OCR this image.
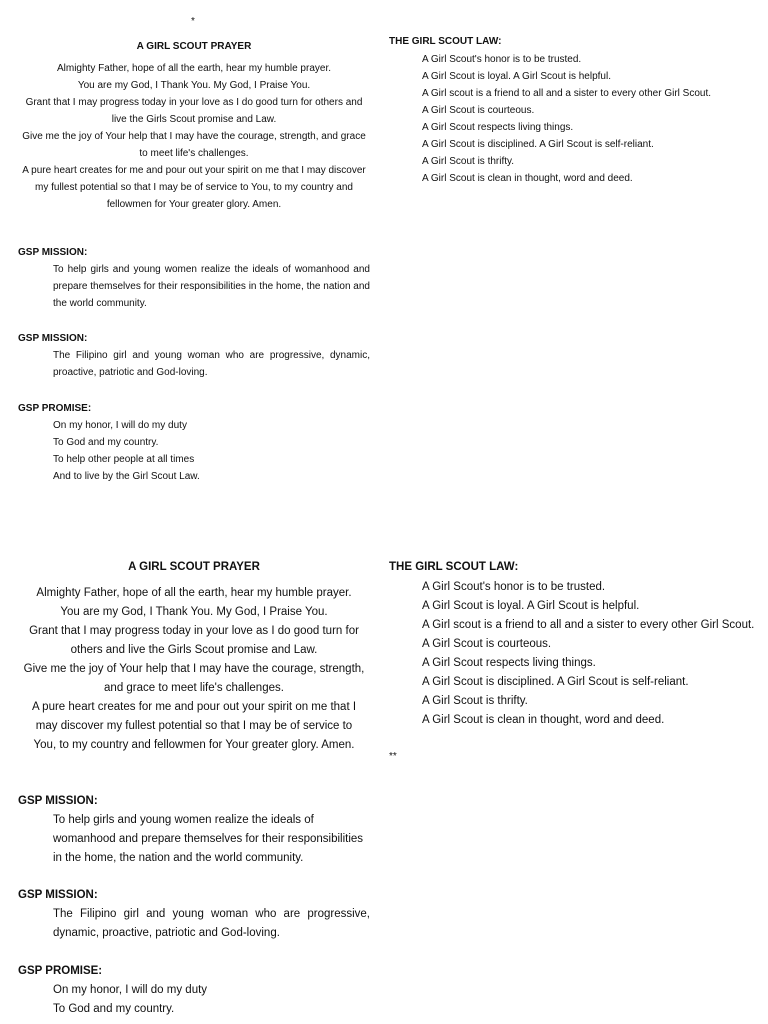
*
A GIRL SCOUT PRAYER

Almighty Father, hope of all the earth, hear my humble prayer.

You are my God, I Thank You. My God, I Praise You.

Grant that I may progress today in your love as I do good turn for others and live the Girls Scout promise and Law.

Give me the joy of Your help that I may have the courage, strength, and grace to meet life's challenges.

A pure heart creates for me and pour out your spirit on me that I may discover my fullest potential so that I may be of service to You, to my country and fellowmen for Your greater glory. Amen.

GSP MISSION:

To help girls and young women realize the ideals of womanhood and prepare themselves for their responsibilities in the home, the nation and the world community.

GSP MISSION:

The Filipino girl and young woman who are progressive, dynamic, proactive, patriotic and God-loving.

GSP PROMISE:

On my honor, I will do my duty

To God and my country.

To help other people at all times

And to live by the Girl Scout Law.

THE GIRL SCOUT LAW:

A Girl Scout's honor is to be trusted.

A Girl Scout is loyal. A Girl Scout is helpful.

A Girl scout is a friend to all and a sister to every other Girl Scout.

A Girl Scout is courteous.

A Girl Scout respects living things.

A Girl Scout is disciplined. A Girl Scout is self-reliant.

A Girl Scout is thrifty.

A Girl Scout is clean in thought, word and deed.

A GIRL SCOUT PRAYER

Almighty Father, hope of all the earth, hear my humble prayer.

You are my God, I Thank You. My God, I Praise You.

Grant that I may progress today in your love as I do good turn for others and live the Girls Scout promise and Law.

Give me the joy of Your help that I may have the courage, strength, and grace to meet life's challenges.

A pure heart creates for me and pour out your spirit on me that I may discover my fullest potential so that I may be of service to You, to my country and fellowmen for Your greater glory. Amen.

GSP MISSION:

To help girls and young women realize the ideals of womanhood and prepare themselves for their responsibilities in the home, the nation and the world community.

GSP MISSION:

The Filipino girl and young woman who are progressive, dynamic, proactive, patriotic and God-loving.

GSP PROMISE:

On my honor, I will do my duty

To God and my country.

THE GIRL SCOUT LAW:

A Girl Scout's honor is to be trusted.

A Girl Scout is loyal. A Girl Scout is helpful.

A Girl scout is a friend to all and a sister to every other Girl Scout.

A Girl Scout is courteous.

A Girl Scout respects living things.

A Girl Scout is disciplined. A Girl Scout is self-reliant.

A Girl Scout is thrifty.

A Girl Scout is clean in thought, word and deed.

**
